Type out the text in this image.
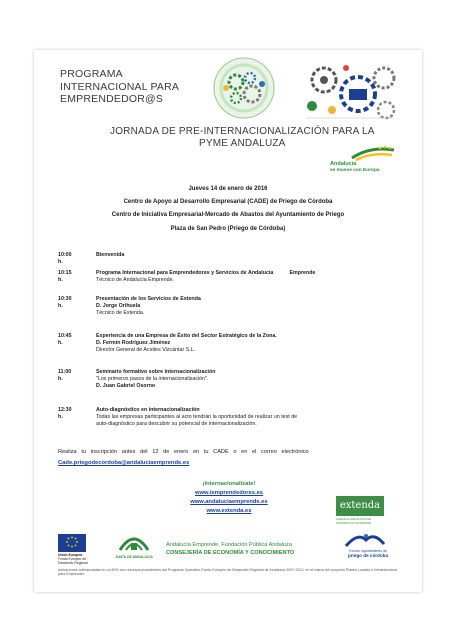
PROGRAMA
INTERNACIONAL PARA
EMPRENDEDOR@S
JORNADA DE PRE-INTERNACIONALIZACIÓN PARA LA
PYME ANDALUZA
Andalucía
se mueve con Europa
Jueves 14 de enero de 2016
Centro de Apoyo al Desarrollo Empresarial (CADE) de Priego de Córdoba
Centro de Iniciativa Empresarial-Mercado de Abastos del Ayuntamiento de Priego
Plaza de San Pedro (Priego de Córdoba)
10:00 h.
Bienvenida
10:15 h.
Programa Internacional para Emprendedores y Servicios de Andalucía           Emprende
Técnico de Andalucía Emprende.
10:30 h.
Presentación de los Servicios de Extenda
D. Jorge Orihuela
Técnico de Extenda.
10:45 h.
Experiencia de una Empresa de Éxito del Sector Estratégico de la Zona.
D. Fermín Rodríguez Jiménez
Director General de Aceites Vizcántar S.L.
11:00 h.
Seminario formativo sobre internacionalización
"Los primeros pasos de la internacionalización".
D. Juan Gabriel Osorno
12:30 h.
Auto-diagnóstico en internacionalización
Todas las empresas participantes al acto tendrán la oportunidad de realizar un test de
auto-diagnóstico para descubrir su potencial de internacionalización.
Realiza   tu   inscripción   antes   del   12   de   enero   en   tu   CADE   o   en   el   correo   electrónico
Cade.priegodecordoba@andaluciaemprende.es
¡Internacionalízate!
www.iemprendedores.es
www.andaluciaemprende.es
www.extenda.es	extenda
AGENCIA ANDALUZA DE PROMOCIÓN EXTERIOR
Unión Europea
Fondo Europeo de Desarrollo Regional
JUNTA DE ANDALUCIA
Andalucía Emprende, Fundación Pública Andaluza
CONSEJERÍA DE ECONOMÍA Y CONOCIMIENTO	Excmo. Ayuntamiento de
priego de córdoba
Actuaciones cofinanciadas en un 80% con recursos procedentes del Programa Operativo Fondo Europeo de Desarrollo Regional de Andalucía 2007-2013, en el marco del proyecto Planes Locales e Infraestructura para Emprender.
